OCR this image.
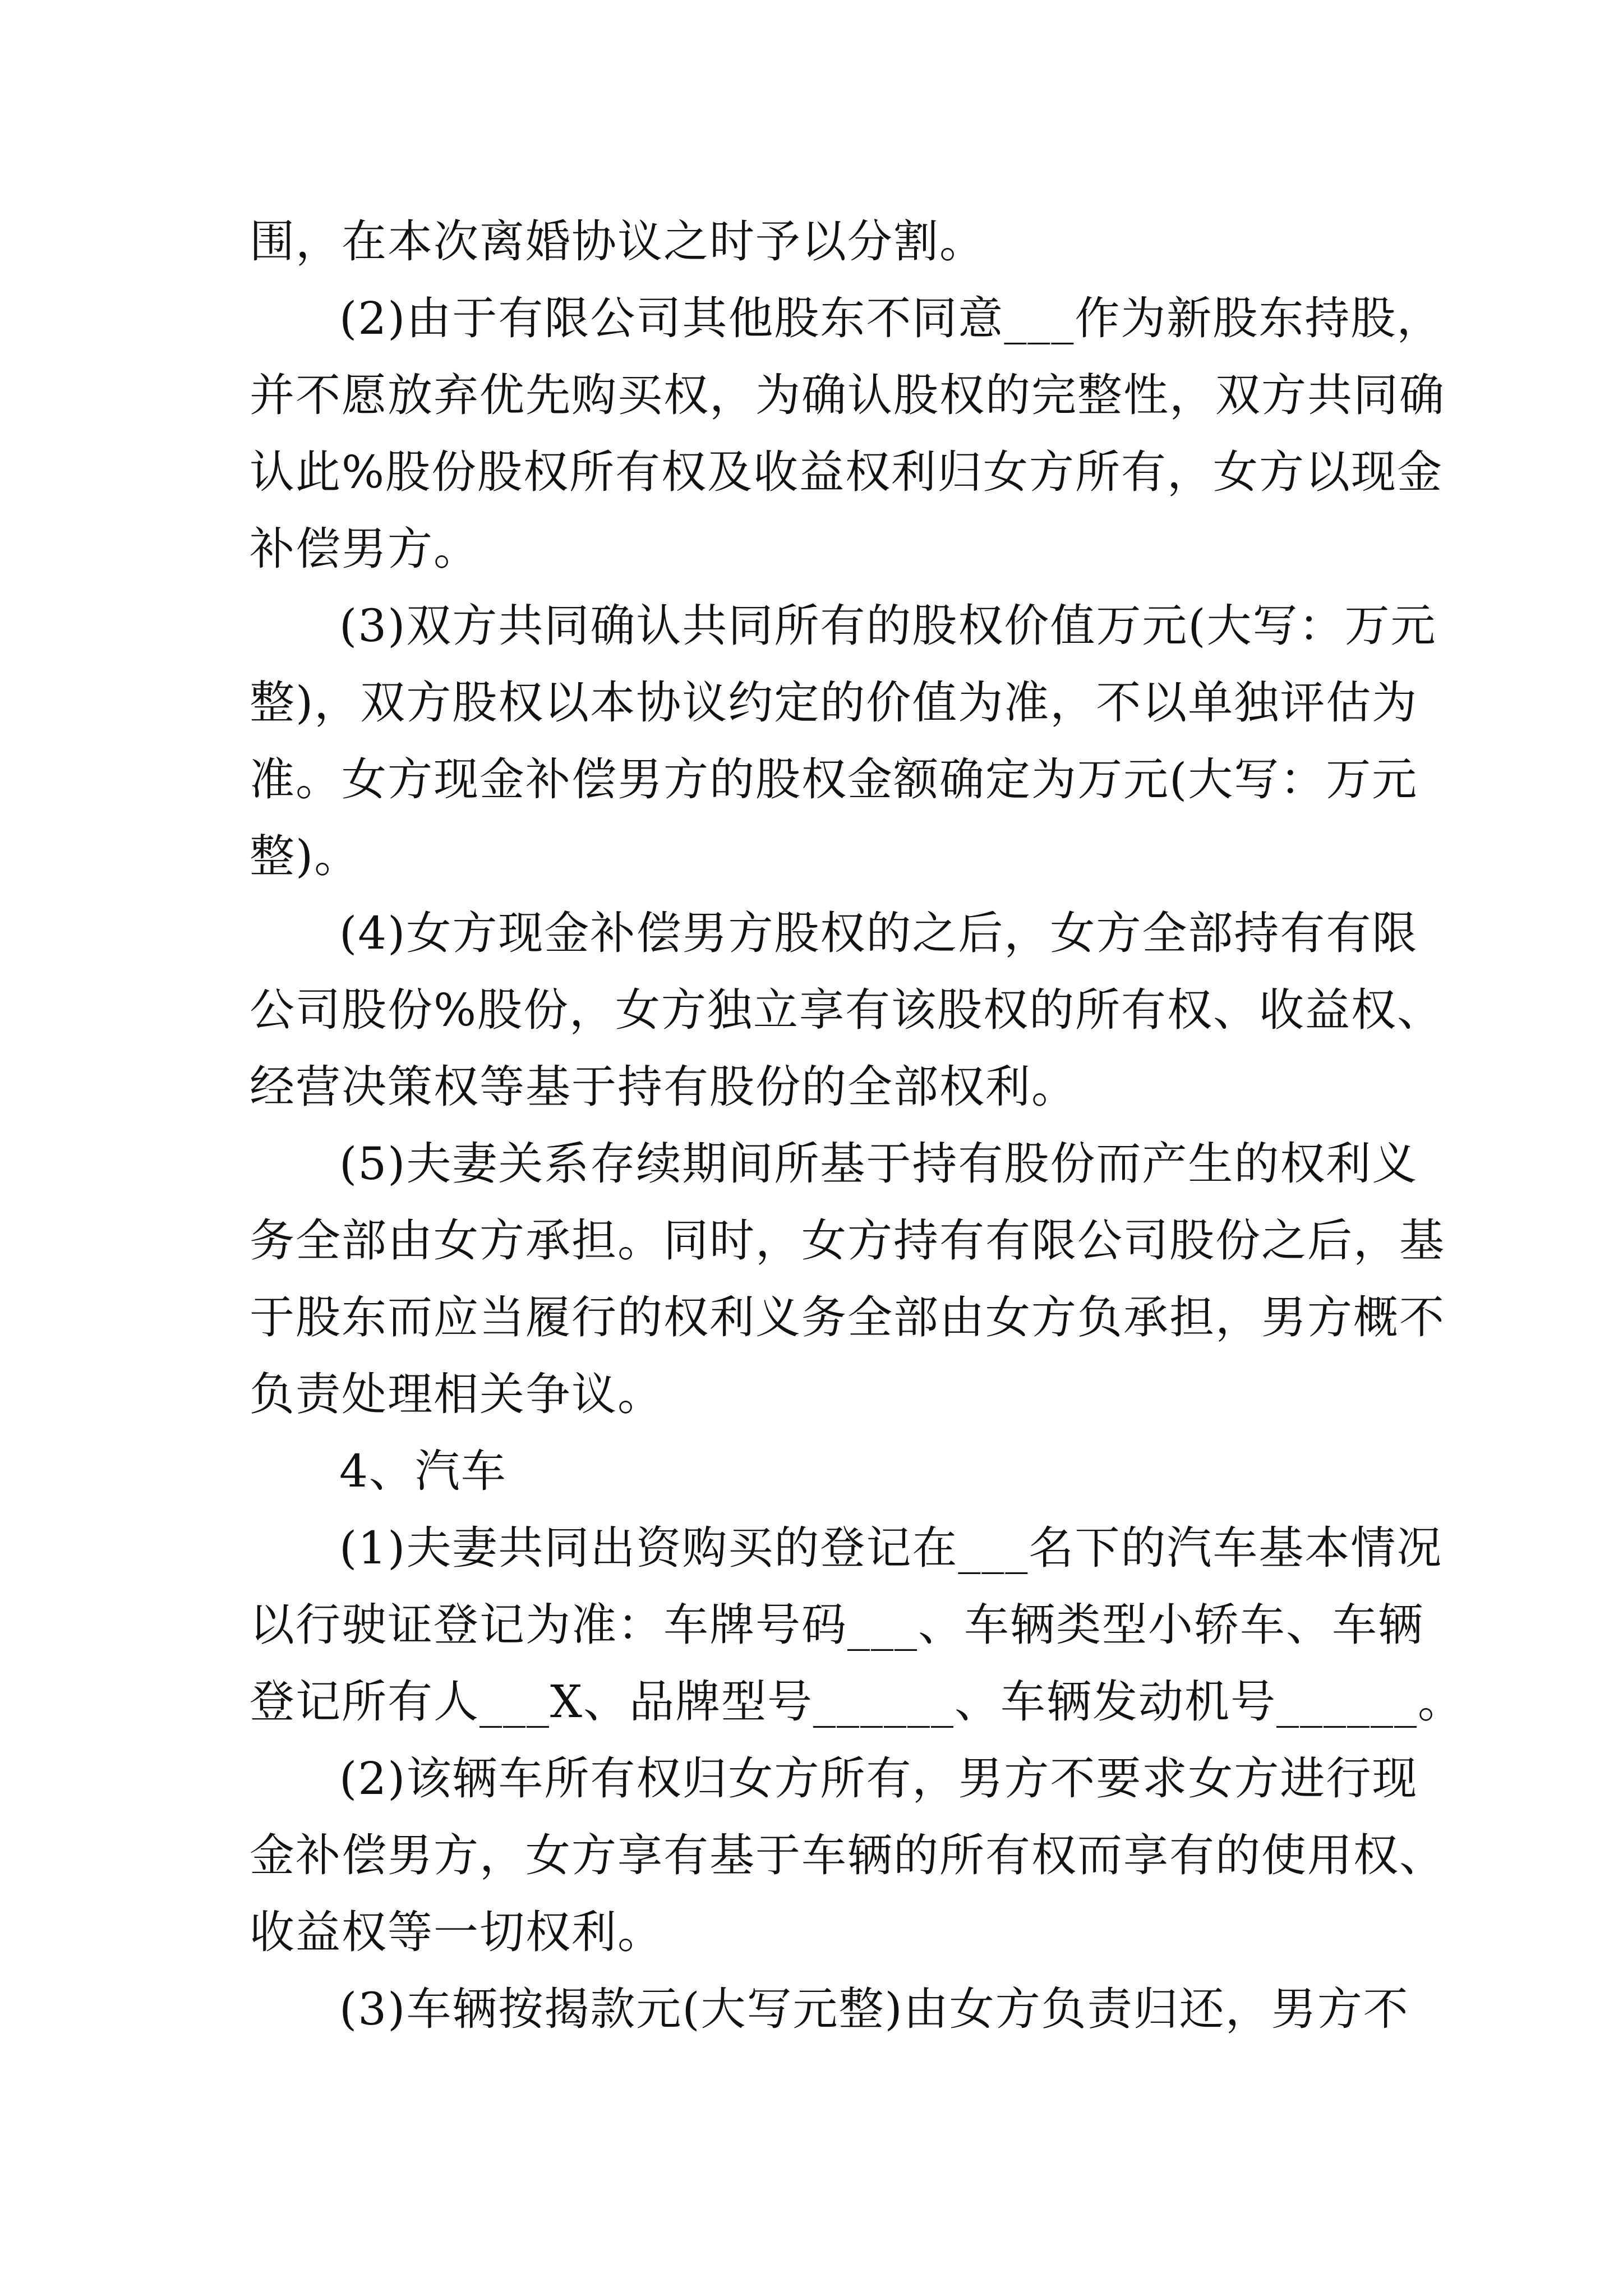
围，在本次离婚协议之时予以分割。
(2)由于有限公司其他股东不同意___作为新股东持股，
并不愿放弃优先购买权，为确认股权的完整性，双方共同确
认此%股份股权所有权及收益权利归女方所有，女方以现金
补偿男方。
(3)双方共同确认共同所有的股权价值万元(大写：万元
整)，双方股权以本协议约定的价值为准，不以单独评估为
准。女方现金补偿男方的股权金额确定为万元(大写：万元
整)。
(4)女方现金补偿男方股权的之后，女方全部持有有限
公司股份%股份，女方独立享有该股权的所有权、收益权、
经营决策权等基于持有股份的全部权利。
(5)夫妻关系存续期间所基于持有股份而产生的权利义
务全部由女方承担。同时，女方持有有限公司股份之后，基
于股东而应当履行的权利义务全部由女方负承担，男方概不
负责处理相关争议。
4、汽车
(1)夫妻共同出资购买的登记在___名下的汽车基本情况
以行驶证登记为准：车牌号码___、车辆类型小轿车、车辆
登记所有人___X、品牌型号______、车辆发动机号______。
(2)该辆车所有权归女方所有，男方不要求女方进行现
金补偿男方，女方享有基于车辆的所有权而享有的使用权、
收益权等一切权利。
(3)车辆按揭款元(大写元整)由女方负责归还，男方不
